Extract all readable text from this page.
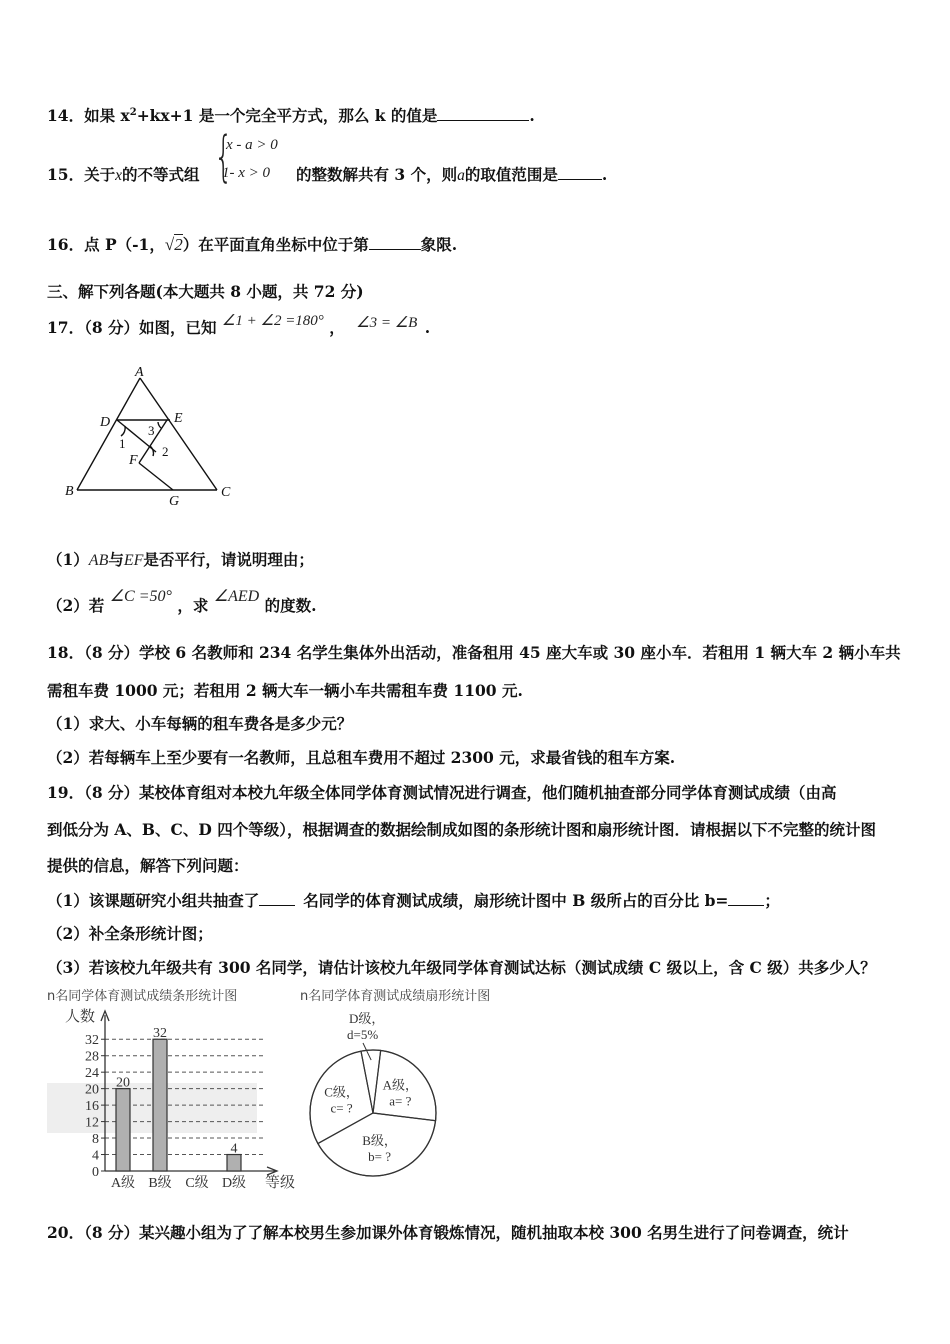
14．如果 $x^2+kx+1$ 是一个完全平方式，那么 k 的值是	.
15．关于x的不等式组 {
x - a > 0
1- x > 0 的整数解共有 3 个，则a的取值范围是	.
16．点 P（-1，√2）在平面直角坐标中位于第	象限.
三、解下列各题(本大题共 8 小题，共 72 分)
17．（8 分）如图，已知 ∠1 + ∠2 =180° ， ∠3 = ∠B .
A
D	E
F
B
G
C
1
3
2
（1）AB与EF是否平行，请说明理由；
（2）若 ∠C =50° ，求 ∠AED 的度数.
18．（8 分）学校 6 名教师和 234 名学生集体外出活动，准备租用 45 座大车或 30 座小车．若租用 1 辆大车 2 辆小车共
需租车费 1000 元；若租用 2 辆大车一辆小车共需租车费 1100 元.
（1）求大、小车每辆的租车费各是多少元？
（2）若每辆车上至少要有一名教师，且总租车费用不超过 2300 元，求最省钱的租车方案.
19．（8 分）某校体育组对本校九年级全体同学体育测试情况进行调查，他们随机抽查部分同学体育测试成绩（由高
到低分为 A、B、C、D 四个等级），根据调查的数据绘制成如图的条形统计图和扇形统计图．请根据以下不完整的统计图
提供的信息，解答下列问题：
（1）该课题研究小组共抽查了	名同学的体育测试成绩，扇形统计图中 B 级所占的百分比 b= ；
（2）补全条形统计图；
（3）若该校九年级共有 300 名同学，请估计该校九年级同学体育测试达标（测试成绩 C 级以上，含 C 级）共多少人？
n名同学体育测试成绩条形统计图	n名同学体育测试成绩扇形统计图
0
4
8
12
16
20
24
28
32
人数
等级
20
A级
32
B级 C级
4
D级
D级，
d=5%
A级，
a= ?
B级，
b= ?
C级，
c= ?
20．（8 分）某兴趣小组为了了解本校男生参加课外体育锻炼情况，随机抽取本校 300 名男生进行了问卷调查，统计
